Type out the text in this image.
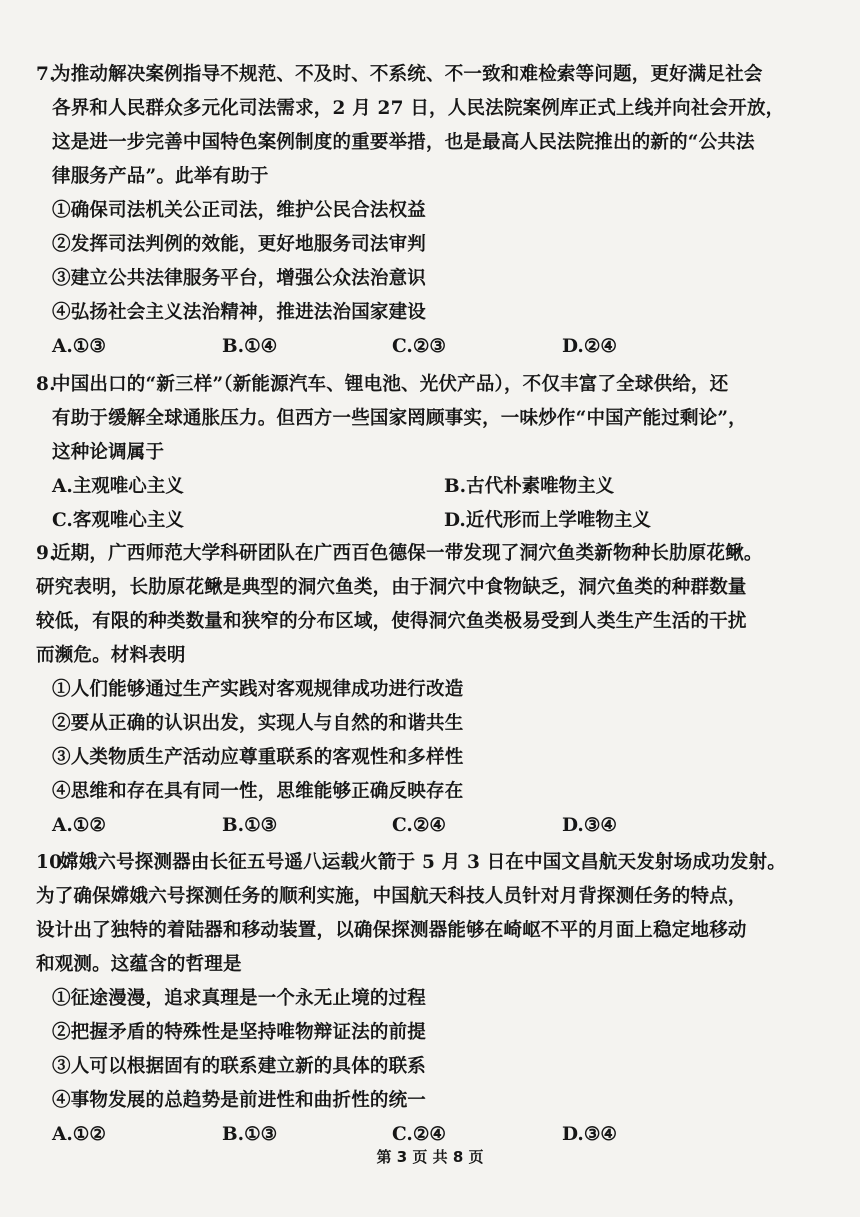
7.为推动解决案例指导不规范、不及时、不系统、不一致和难检索等问题，更好满足社会
各界和人民群众多元化司法需求，2 月 27 日，人民法院案例库正式上线并向社会开放，
这是进一步完善中国特色案例制度的重要举措，也是最高人民法院推出的新的“公共法
律服务产品”。此举有助于
①确保司法机关公正司法，维护公民合法权益
②发挥司法判例的效能，更好地服务司法审判
③建立公共法律服务平台，增强公众法治意识
④弘扬社会主义法治精神，推进法治国家建设
A.①③	B.①④	C.②③	D.②④
8.中国出口的“新三样”（新能源汽车、锂电池、光伏产品），不仅丰富了全球供给，还
有助于缓解全球通胀压力。但西方一些国家罔顾事实，一味炒作“中国产能过剩论”，
这种论调属于
A.主观唯心主义	B.古代朴素唯物主义
C.客观唯心主义	D.近代形而上学唯物主义
9.近期，广西师范大学科研团队在广西百色德保一带发现了洞穴鱼类新物种长肋原花鳅。
研究表明，长肋原花鳅是典型的洞穴鱼类，由于洞穴中食物缺乏，洞穴鱼类的种群数量
较低，有限的种类数量和狭窄的分布区域，使得洞穴鱼类极易受到人类生产生活的干扰
而濒危。材料表明
①人们能够通过生产实践对客观规律成功进行改造
②要从正确的认识出发，实现人与自然的和谐共生
③人类物质生产活动应尊重联系的客观性和多样性
④思维和存在具有同一性，思维能够正确反映存在
A.①②	B.①③	C.②④	D.③④
10.嫦娥六号探测器由长征五号遥八运载火箭于 5 月 3 日在中国文昌航天发射场成功发射。
为了确保嫦娥六号探测任务的顺利实施，中国航天科技人员针对月背探测任务的特点，
设计出了独特的着陆器和移动装置，以确保探测器能够在崎岖不平的月面上稳定地移动
和观测。这蕴含的哲理是
①征途漫漫，追求真理是一个永无止境的过程
②把握矛盾的特殊性是坚持唯物辩证法的前提
③人可以根据固有的联系建立新的具体的联系
④事物发展的总趋势是前进性和曲折性的统一
A.①②	B.①③	C.②④	D.③④
第 3 页 共 8 页
